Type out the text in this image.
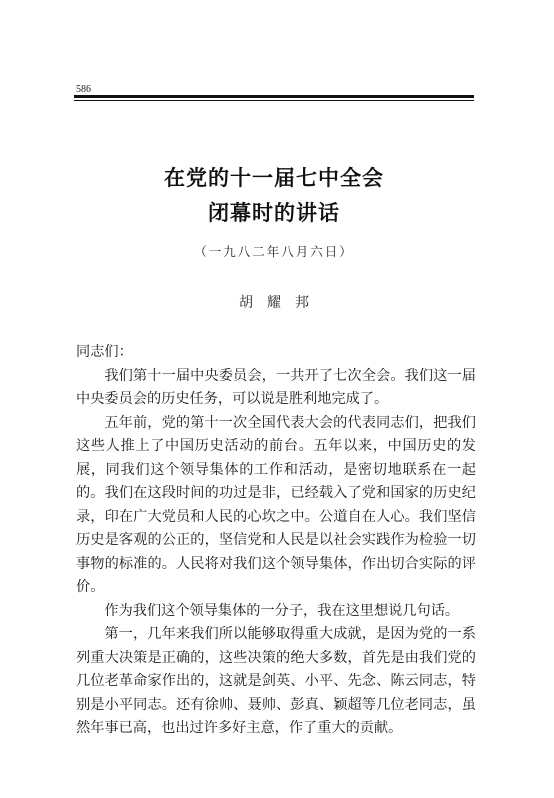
586
在党的十一届七中全会
闭幕时的讲话
（一九八二年八月六日）
胡耀邦

同志们：

我们第十一届中央委员会，一共开了七次全会。我们这一届中央委员会的历史任务，可以说是胜利地完成了。

五年前，党的第十一次全国代表大会的代表同志们，把我们这些人推上了中国历史活动的前台。五年以来，中国历史的发展，同我们这个领导集体的工作和活动，是密切地联系在一起的。我们在这段时间的功过是非，已经载入了党和国家的历史纪录，印在广大党员和人民的心坎之中。公道自在人心。我们坚信历史是客观的公正的，坚信党和人民是以社会实践作为检验一切事物的标准的。人民将对我们这个领导集体，作出切合实际的评价。

作为我们这个领导集体的一分子，我在这里想说几句话。

第一，几年来我们所以能够取得重大成就，是因为党的一系列重大决策是正确的，这些决策的绝大多数，首先是由我们党的几位老革命家作出的，这就是剑英、小平、先念、陈云同志，特别是小平同志。还有徐帅、聂帅、彭真、颖超等几位老同志，虽然年事已高，也出过许多好主意，作了重大的贡献。
